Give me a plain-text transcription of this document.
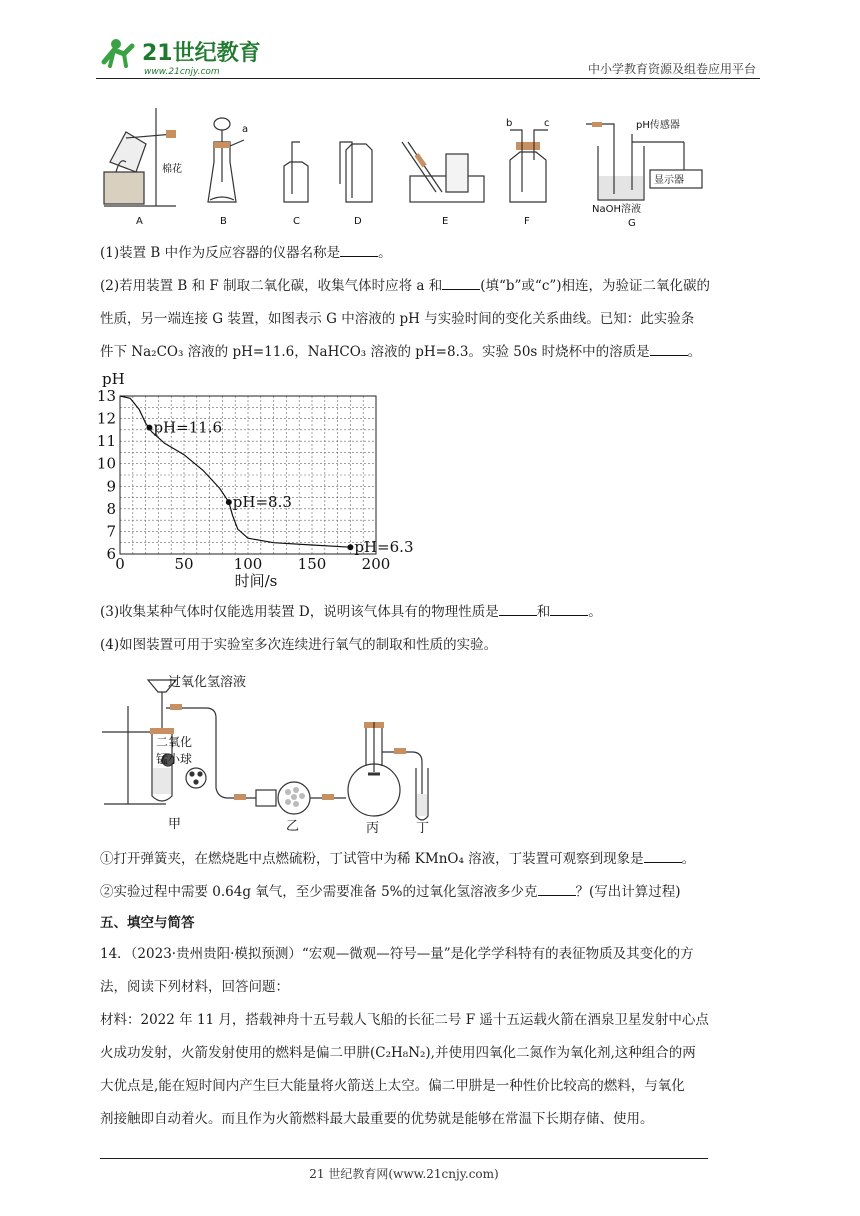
21世纪教育
www.21cnjy.com	中小学教育资源及组卷应用平台
棉花
A
a
B	C	D	E
b	c
F
pH传感器
显示器
NaOH溶液
G
(1)装置 B 中作为反应容器的仪器名称是	。
(2)若用装置 B 和 F 制取二氧化碳，收集气体时应将 a 和	(填“b”或“c”)相连，为验证二氧化碳的
性质，另一端连接 G 装置，如图表示 G 中溶液的 pH 与实验时间的变化关系曲线。已知：此实验条
件下 Na₂CO₃ 溶液的 pH=11.6，NaHCO₃ 溶液的 pH=8.3。实验 50s 时烧杯中的溶质是	。
0	50	100 150 200
6
7
8
9
10
11
12
13
pH
时间/s
pH=11.6
pH=8.3
pH=6.3
(3)收集某种气体时仅能选用装置 D，说明该气体具有的物理性质是	和	。
(4)如图装置可用于实验室多次连续进行氧气的制取和性质的实验。
过氧化氢溶液
二氧化
锰小球
甲	乙	丙	丁
①打开弹簧夹，在燃烧匙中点燃硫粉，丁试管中为稀 KMnO₄ 溶液，丁装置可观察到现象是	。
②实验过程中需要 0.64g 氧气，至少需要准备 5%的过氧化氢溶液多少克	？(写出计算过程)
五、填空与简答
14．（2023·贵州贵阳·模拟预测）“宏观—微观—符号—量”是化学学科特有的表征物质及其变化的方
法，阅读下列材料，回答问题：
材料：2022 年 11 月，搭载神舟十五号载人飞船的长征二号 F 遥十五运载火箭在酒泉卫星发射中心点
火成功发射，火箭发射使用的燃料是偏二甲肼(C₂H₈N₂),并使用四氧化二氮作为氧化剂,这种组合的两
大优点是,能在短时间内产生巨大能量将火箭送上太空。偏二甲肼是一种性价比较高的燃料，与氧化
剂接触即自动着火。而且作为火箭燃料最大最重要的优势就是能够在常温下长期存储、使用。
21 世纪教育网(www.21cnjy.com)
